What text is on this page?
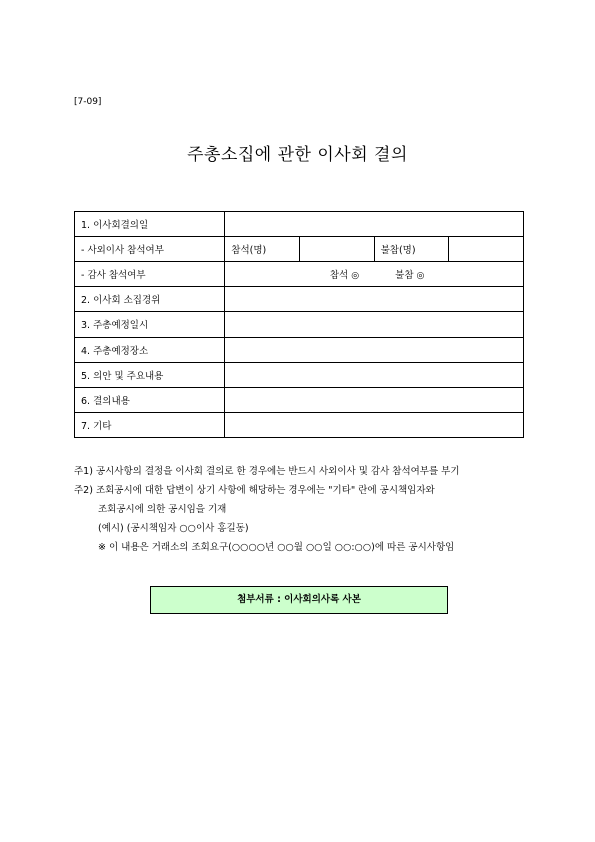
[7-09]
주총소집에 관한 이사회 결의
1. 이사회결의일				
- 사외이사 참석여부	참석(명)		불참(명)	
- 감사 참석여부	참석 ◎ 불참 ◎			
2. 이사회 소집경위				
3. 주총예정일시				
4. 주총예정장소				
5. 의안 및 주요내용				
6. 결의내용				
7. 기타				
주1) 공시사항의 결정을 이사회 결의로 한 경우에는 반드시 사외이사 및 감사 참석여부를 부기
주2) 조회공시에 대한 답변이 상기 사항에 해당하는 경우에는 "기타" 란에 공시책임자와
조회공시에 의한 공시임을 기재
(예시) (공시책임자 ○○이사 홍길동)
※ 이 내용은 거래소의 조회요구(○○○○년 ○○월 ○○일 ○○:○○)에 따른 공시사항임
첨부서류 : 이사회의사록 사본
